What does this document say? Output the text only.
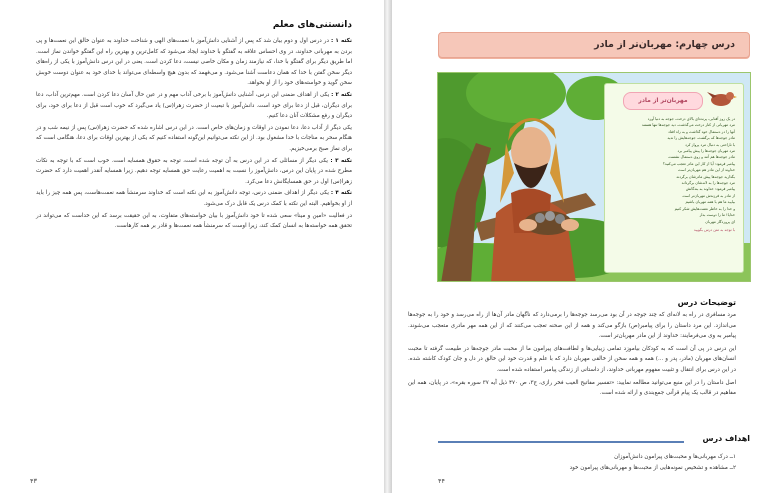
دانستنی‌های معلم

نکته ۱ : در درس اول و دوم بیان شد که پس از آشنایی دانش‌آموز با نعمت‌های الهی و شناخت خداوند به عنوان خالق این نعمت‌ها و پی بردن به مهربانی خداوند، در وی احساس علاقه به گفتگو با خداوند ایجاد می‌شود که کامل‌ترین و بهترین راه این گفتگو خواندن نماز است. اما طریق دیگر برای گفتگو با خدا، که نیازمند زمان و مکان خاصی نیست، دعا کردن است. یعنی در این درس دانش‌آموز با یکی از راه‌های دیگر سخن گفتن با خدا که همان دعاست آشنا می‌شود. و می‌فهمد که بدون هیچ واسطه‌ای می‌تواند با خدای خود به عنوان دوست خوبش سخن گوید و خواسته‌های خود را از او بخواهد.

نکته ۲ : یکی از اهداف ضمنی این درس، آشنایی دانش‌آموز با برخی آداب مهم و در عین حال آسان دعا کردن است. مهم‌ترین آداب، دعا برای دیگران، قبل از دعا برای خود است. دانش‌آموز با تبعیت از حضرت زهرا(س) یاد می‌گیرد که خوب است قبل از دعا برای خود، برای دیگران و رفع مشکلات آنان دعا کنیم.

یکی دیگر از آداب دعا، دعا نمودن در اوقات و زمان‌های خاص است. در این درس اشاره شده که حضرت زهرا(س) پس از نیمه شب و در هنگام سحر به مناجات با خدا مشغول بود. از این نکته می‌توانیم این‌گونه استفاده کنیم که یکی از بهترین اوقات برای دعا، هنگامی است که برای نماز صبح برمی‌خیزیم.

نکته ۳ : یکی دیگر از مسائلی که در این درس به آن توجه شده است، توجه به حقوق همسایه است. خوب است که با توجه به نکات مطرح شده در پایان این درس، دانش‌آموز را نسبت به اهمیت رعایت حق همسایه توجه دهیم. زیرا همسایه آنقدر اهمیت دارد که حضرت زهرا(س) اول در حق همسایگانش دعا می‌کرد.

نکته ۴ : یکی دیگر از اهداف ضمنی درس، توجه دانش‌آموز به این نکته است که خداوند سرمنشأ همه نعمت‌هاست، پس همه چیز را باید از او بخواهیم. البته این نکته با کمک درس یک قابل درک می‌شود.

در فعالیت «امین و مینا» سعی شده تا خود دانش‌آموز با بیان خواسته‌های متفاوت، به این حقیقت برسد که این خداست که می‌تواند در تحقق همه خواسته‌ها به انسان کمک کند، زیرا اوست که سرمنشأ همه نعمت‌ها و قادر بر همه کارهاست.

۴۳
درس چهارم: مهربان‌تر از مادر
مهربان‌تر از مادر
در یک روز آفتابی، پرنده‌ای بالای درخت، جوجه به دنیا آورد
مرد مهربانی از کنار درخت می‌گذشت، دید جوجه‌ها تنها هستند
آنها را در دستمال خود گذاشت و به راه افتاد
مادر جوجه‌ها که برگشت، جوجه‌هایش را ندید
با ناراحتی به دنبال مرد پرواز کرد
مرد مهربان جوجه‌ها را پیش پیامبر برد
مادر جوجه‌ها هم آمد و روی دستمال نشست
پیامبر فرمود: آیا از کار این مادر تعجب می‌کنید؟
خداوند از این مادر هم مهربان‌تر است
بگذارید جوجه‌ها پیش مادرشان برگردند
مرد جوجه‌ها را به لانه‌شان برگرداند
پیامبر فرمود: خداوند به بندگانش
از مادر به فرزندش مهربان‌تر است
بیایید ما هم با همه مهربان باشیم
و خدا را به خاطر نعمت‌هایش شکر کنیم
خدایا! ما را دوست بدار
ای پروردگار مهربان
با توجه به متن درس بگویید
توضیحات درس

مرد مسافری در راه به لانه‌ای که چند جوجه در آن بود می‌رسد جوجه‌ها را برمی‌دارد که ناگهان مادر آن‌ها از راه می‌رسد و خود را به جوجه‌ها می‌اندازد. این مرد داستان را برای پیامبر(ص) بازگو می‌کند و همه از این صحنه تعجب می‌کنند که از این همه مهر مادری متعجب می‌شوند. پیامبر به وی می‌فرمایند: خداوند از این مادر مهربان‌تر است.

این درس در پی آن است که به کودکان بیاموزد تمامی زیبایی‌ها و لطافت‌های پیرامون ما از محبت مادر جوجه‌ها در طبیعت گرفته تا محبت انسان‌های مهربان (مادر، پدر و ...) همه و همه سخن از خالقی مهربان دارد که با علم و قدرت خود این خالق در دل و جان کودک کاشته شده. در این درس برای انتقال و تثبیت مفهوم مهربانی خداوند، از داستانی از زندگی پیامبر استفاده شده است.

اصل داستان را در این منبع می‌توانید مطالعه نمایید: «تفسیر مفاتیح الغیب فخر رازی، ج۳، ص ۴۷۰ ذیل آیه ۳۷ سوره بقره»، در پایان، همه این مفاهیم در قالب یک پیام قرآنی جمع‌بندی و ارائه شده است.

اهداف درس
۱ــ درک مهربانی‌ها و محبت‌های پیرامون دانش‌آموزان
۲ــ مشاهده و تشخیص نمونه‌هایی از محبت‌ها و مهربانی‌های پیرامون خود
۴۴
